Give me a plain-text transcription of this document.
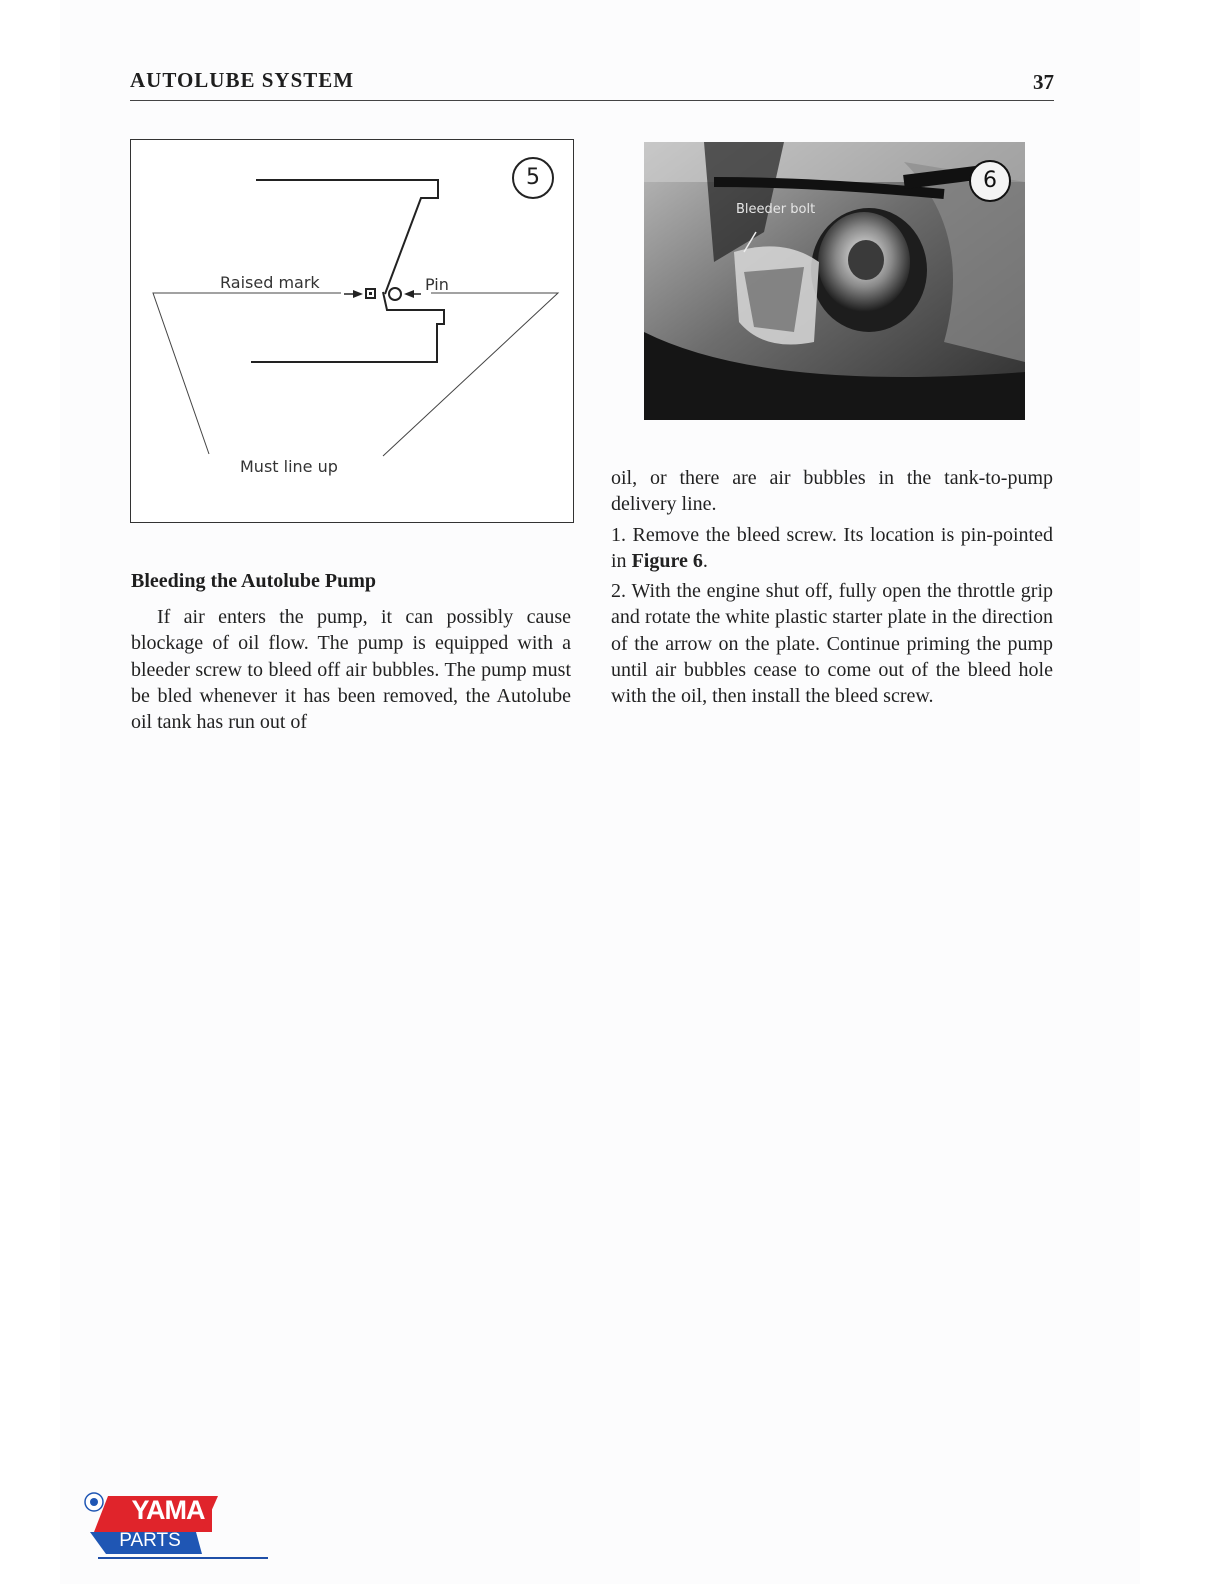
AUTOLUBE SYSTEM	37
Raised mark	Pin
Must line up
5
Bleeder bolt
6
Bleeding the Autolube Pump
If air enters the pump, it can possibly cause blockage of oil flow. The pump is equipped with a bleeder screw to bleed off air bubbles. The pump must be bled whenever it has been removed, the Autolube oil tank has run out of

oil, or there are air bubbles in the tank-to-pump delivery line.

1. Remove the bleed screw. Its location is pin-pointed in Figure 6.

2. With the engine shut off, fully open the throttle grip and rotate the white plastic starter plate in the direction of the arrow on the plate. Continue priming the pump until air bubbles cease to come out of the bleed hole with the oil, then install the bleed screw.

YAMA
PARTS
